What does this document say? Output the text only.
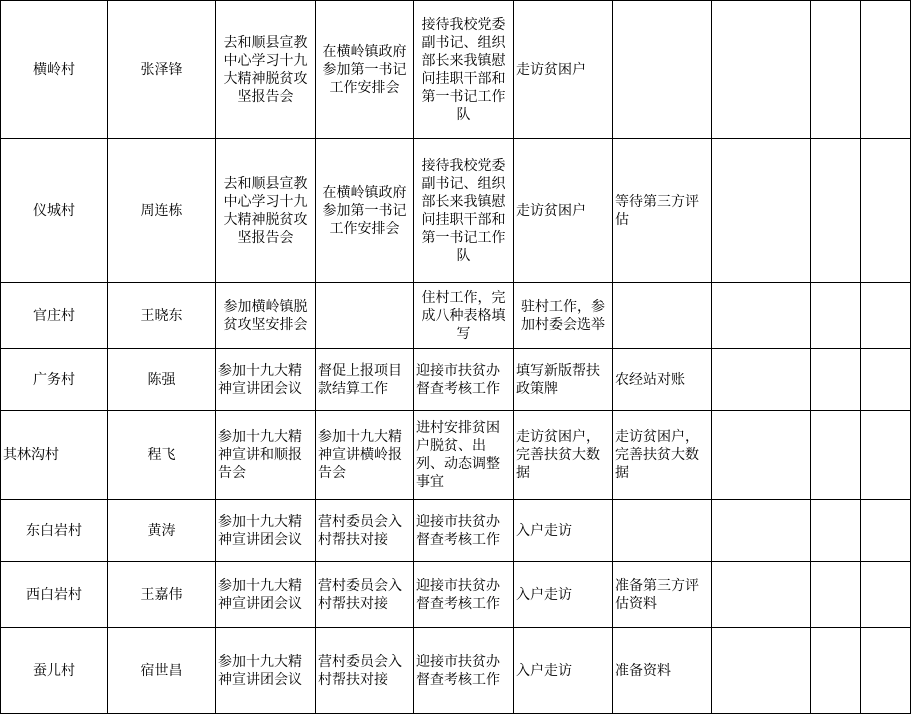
横岭村	张泽锋	去和顺县宣教中心学习十九大精神脱贫攻坚报告会	在横岭镇政府参加第一书记工作安排会	接待我校党委副书记、组织部长来我镇慰问挂职干部和第一书记工作队	走访贫困户				
仪城村	周连栋	去和顺县宣教中心学习十九大精神脱贫攻坚报告会	在横岭镇政府参加第一书记工作安排会	接待我校党委副书记、组织部长来我镇慰问挂职干部和第一书记工作队	走访贫困户	等待第三方评估			
官庄村	王晓东	参加横岭镇脱贫攻坚安排会		住村工作，完成八种表格填写	驻村工作，参加村委会选举				
广务村	陈强	参加十九大精神宣讲团会议	督促上报项目款结算工作	迎接市扶贫办督查考核工作	填写新版帮扶政策牌	农经站对账			
其林沟村	程飞	参加十九大精神宣讲和顺报告会	参加十九大精神宣讲横岭报告会	进村安排贫困户脱贫、出列、动态调整事宜	走访贫困户，完善扶贫大数据	走访贫困户，完善扶贫大数据			
东白岩村	黄涛	参加十九大精神宣讲团会议	营村委员会入村帮扶对接	迎接市扶贫办督查考核工作	入户走访				
西白岩村	王嘉伟	参加十九大精神宣讲团会议	营村委员会入村帮扶对接	迎接市扶贫办督查考核工作	入户走访	准备第三方评估资料			
蚕儿村	宿世昌	参加十九大精神宣讲团会议	营村委员会入村帮扶对接	迎接市扶贫办督查考核工作	入户走访	准备资料			
